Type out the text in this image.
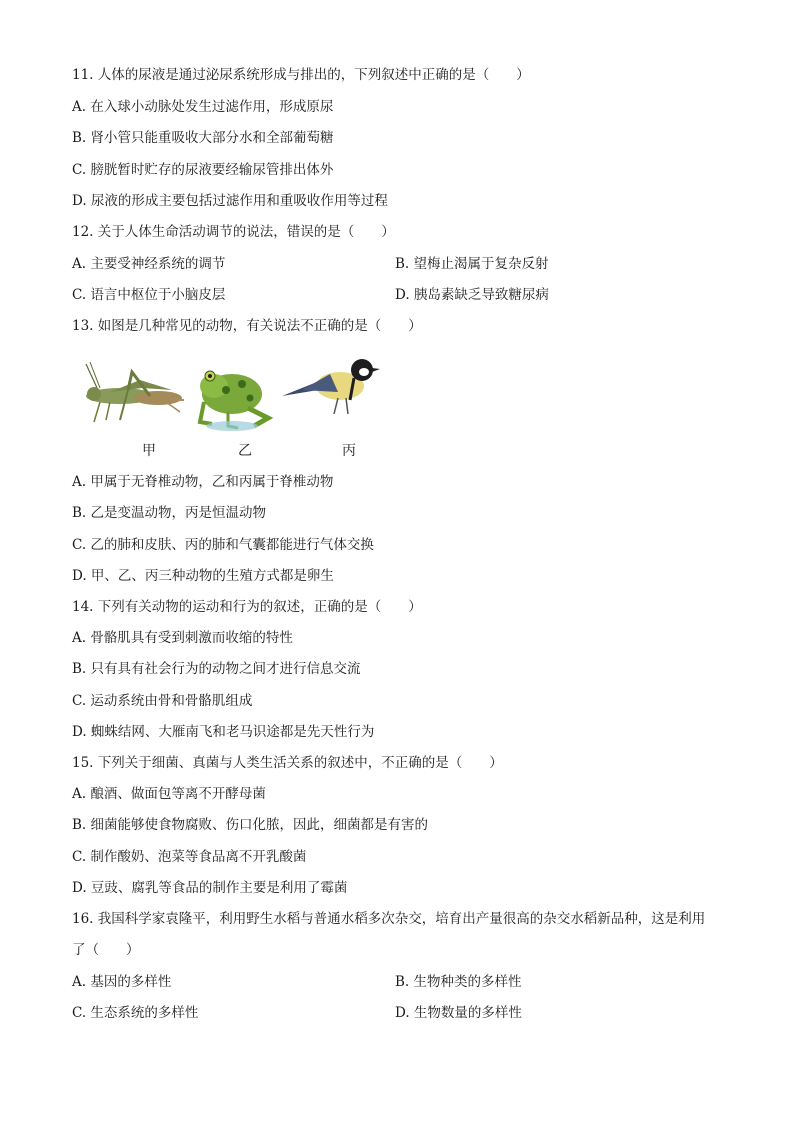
11. 人体的尿液是通过泌尿系统形成与排出的，下列叙述中正确的是（　　）
A. 在入球小动脉处发生过滤作用，形成原尿
B. 肾小管只能重吸收大部分水和全部葡萄糖
C. 膀胱暂时贮存的尿液要经输尿管排出体外
D. 尿液的形成主要包括过滤作用和重吸收作用等过程
12. 关于人体生命活动调节的说法，错误的是（　　）
A. 主要受神经系统的调节	B. 望梅止渴属于复杂反射
C. 语言中枢位于小脑皮层	D. 胰岛素缺乏导致糖尿病
13. 如图是几种常见的动物，有关说法不正确的是（　　）
甲	乙	丙
A. 甲属于无脊椎动物，乙和丙属于脊椎动物
B. 乙是变温动物，丙是恒温动物
C. 乙的肺和皮肤、丙的肺和气囊都能进行气体交换
D. 甲、乙、丙三种动物的生殖方式都是卵生
14. 下列有关动物的运动和行为的叙述，正确的是（　　）
A. 骨骼肌具有受到刺激而收缩的特性
B. 只有具有社会行为的动物之间才进行信息交流
C. 运动系统由骨和骨骼肌组成
D. 蜘蛛结网、大雁南飞和老马识途都是先天性行为
15. 下列关于细菌、真菌与人类生活关系的叙述中，不正确的是（　　）
A. 酿酒、做面包等离不开酵母菌
B. 细菌能够使食物腐败、伤口化脓，因此，细菌都是有害的
C. 制作酸奶、泡菜等食品离不开乳酸菌
D. 豆豉、腐乳等食品的制作主要是利用了霉菌
16. 我国科学家袁隆平，利用野生水稻与普通水稻多次杂交，培育出产量很高的杂交水稻新品种，这是利用
了（　　）
A. 基因的多样性	B. 生物种类的多样性
C. 生态系统的多样性	D. 生物数量的多样性
